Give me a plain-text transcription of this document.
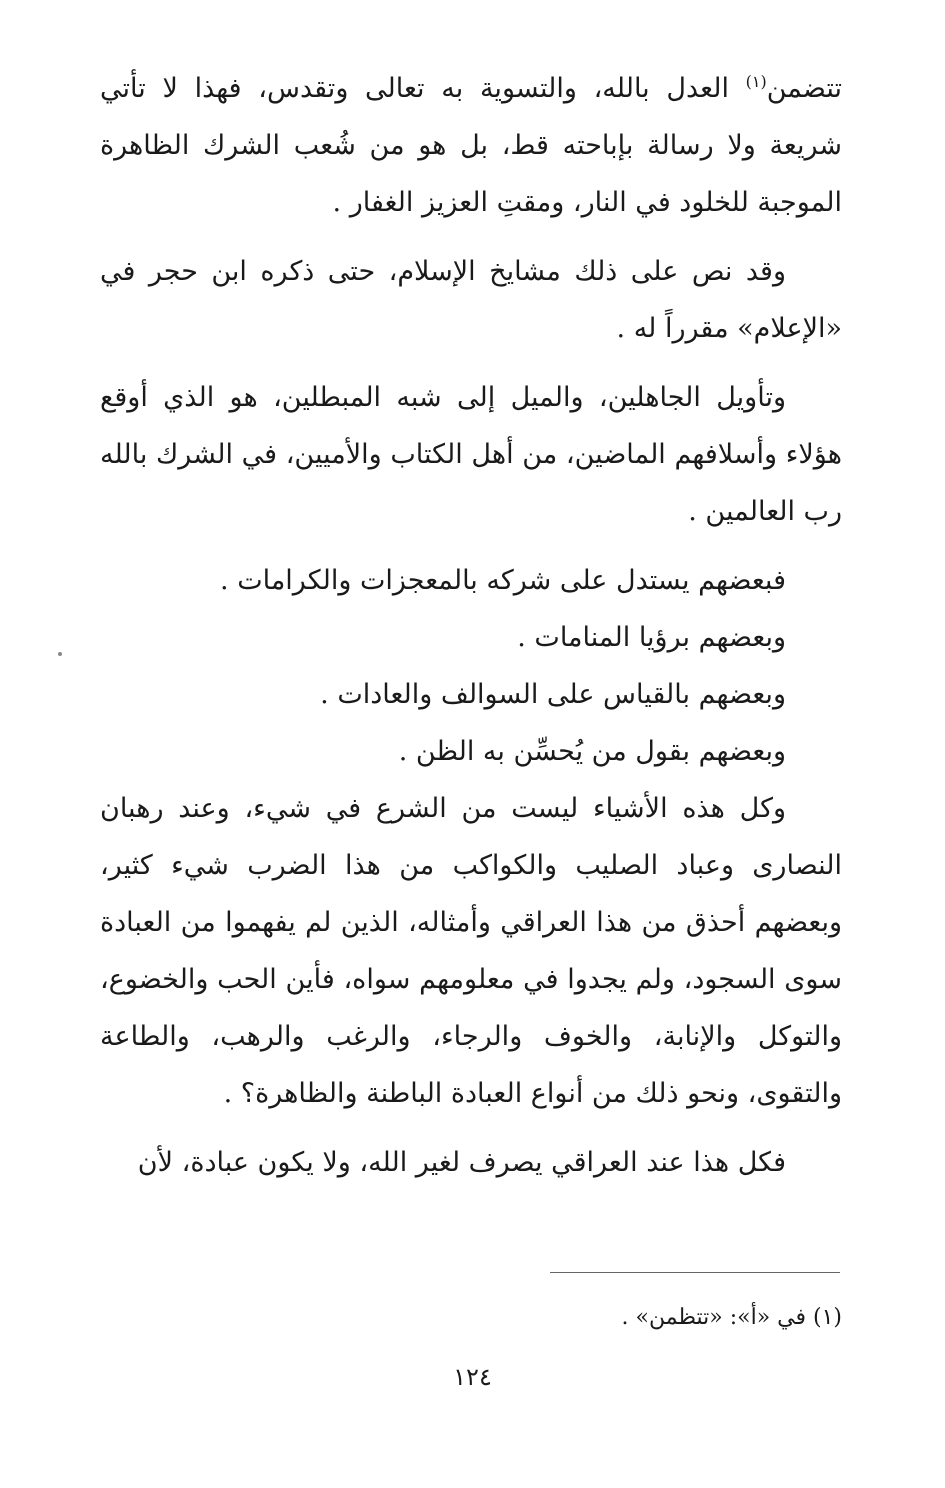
تتضمن$^{(١)}$ العدل بالله، والتسوية به تعالى وتقدس، فهذا لا تأتي شريعة ولا رسالة بإباحته قط، بل هو من شُعب الشرك الظاهرة الموجبة للخلود في النار، ومقتِ العزيز الغفار .

وقد نص على ذلك مشايخ الإسلام، حتى ذكره ابن حجر في «الإعلام» مقرراً له .

وتأويل الجاهلين، والميل إلى شبه المبطلين، هو الذي أوقع هؤلاء وأسلافهم الماضين، من أهل الكتاب والأميين، في الشرك بالله رب العالمين .

فبعضهم يستدل على شركه بالمعجزات والكرامات .
وبعضهم برؤيا المنامات .
وبعضهم بالقياس على السوالف والعادات .
وبعضهم بقول من يُحسِّن به الظن .

وكل هذه الأشياء ليست من الشرع في شيء، وعند رهبان النصارى وعباد الصليب والكواكب من هذا الضرب شيء كثير، وبعضهم أحذق من هذا العراقي وأمثاله، الذين لم يفهموا من العبادة سوى السجود، ولم يجدوا في معلومهم سواه، فأين الحب والخضوع، والتوكل والإنابة، والخوف والرجاء، والرغب والرهب، والطاعة والتقوى، ونحو ذلك من أنواع العبادة الباطنة والظاهرة؟ .

فكل هذا عند العراقي يصرف لغير الله، ولا يكون عبادة، لأن

(١) في «أ»: «تتظمن» .
١٢٤
